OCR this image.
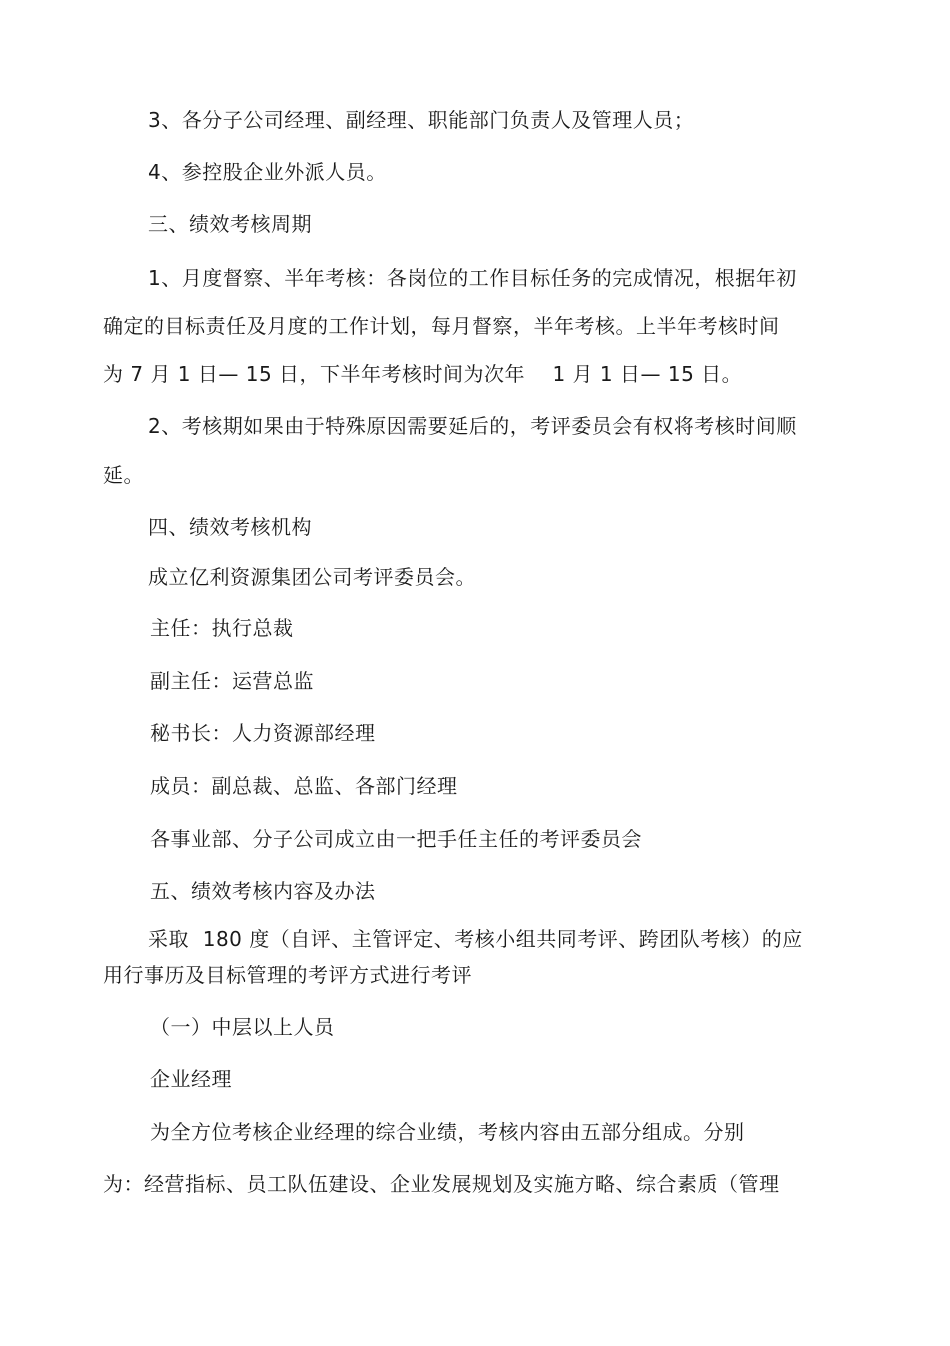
3、各分子公司经理、副经理、职能部门负责人及管理人员；
4、参控股企业外派人员。
三、绩效考核周期
1、月度督察、半年考核：各岗位的工作目标任务的完成情况，根据年初
确定的目标责任及月度的工作计划，每月督察，半年考核。上半年考核时间
为 7 月 1 日— 15 日，下半年考核时间为次年    1 月 1 日— 15 日。
2、考核期如果由于特殊原因需要延后的，考评委员会有权将考核时间顺
延。
四、绩效考核机构
成立亿利资源集团公司考评委员会。
主任：执行总裁
副主任：运营总监
秘书长：人力资源部经理
成员：副总裁、总监、各部门经理
各事业部、分子公司成立由一把手任主任的考评委员会
五、绩效考核内容及办法
采取  180 度（自评、主管评定、考核小组共同考评、跨团队考核）的应
用行事历及目标管理的考评方式进行考评
（一）中层以上人员
企业经理
为全方位考核企业经理的综合业绩，考核内容由五部分组成。分别
为：经营指标、员工队伍建设、企业发展规划及实施方略、综合素质（管理
